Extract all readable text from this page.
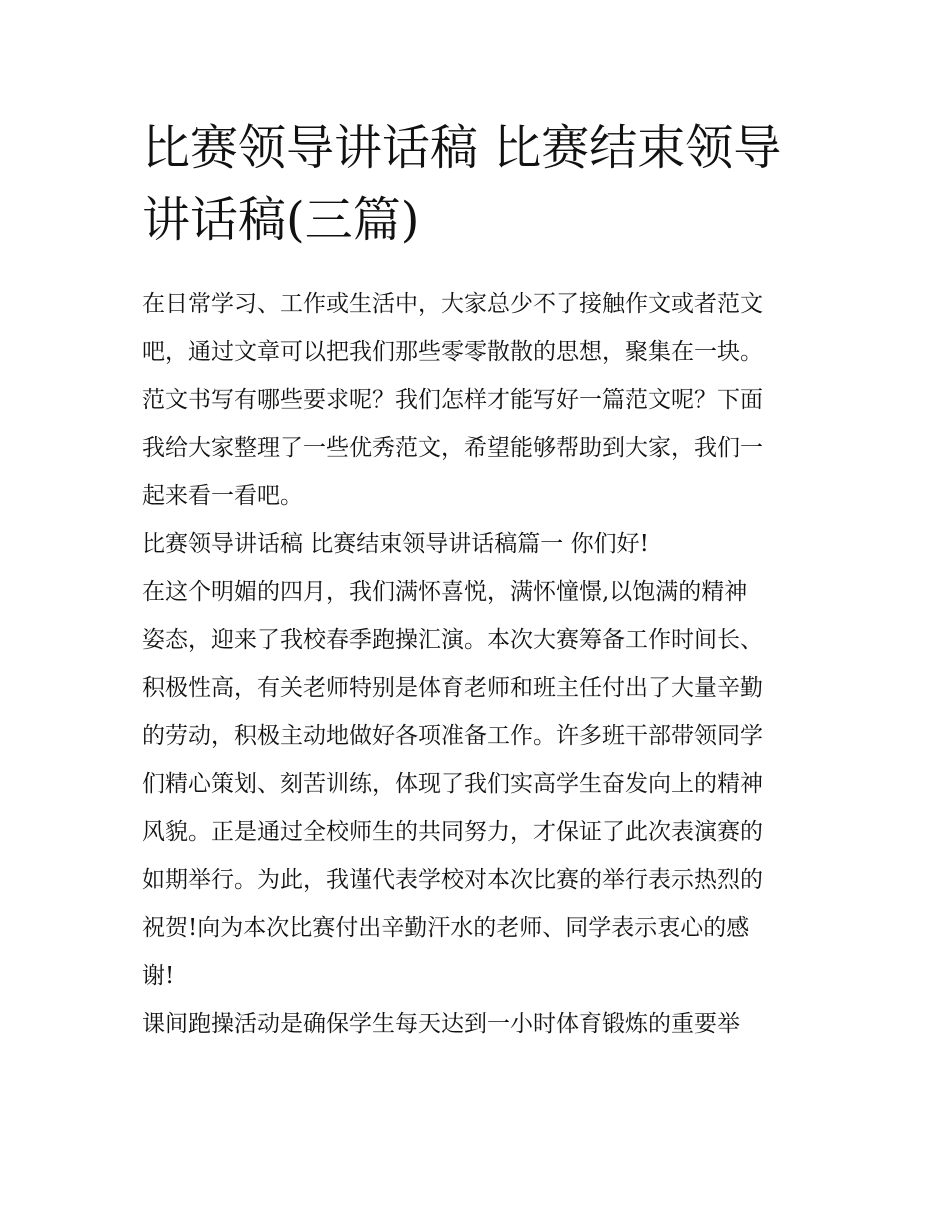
比赛领导讲话稿 比赛结束领导
讲话稿(三篇)

在日常学习、工作或生活中，大家总少不了接触作文或者范文
吧，通过文章可以把我们那些零零散散的思想，聚集在一块。
范文书写有哪些要求呢？我们怎样才能写好一篇范文呢？下面
我给大家整理了一些优秀范文，希望能够帮助到大家，我们一
起来看一看吧。

比赛领导讲话稿 比赛结束领导讲话稿篇一 你们好!

在这个明媚的四月，我们满怀喜悦，满怀憧憬,以饱满的精神
姿态，迎来了我校春季跑操汇演。本次大赛筹备工作时间长、
积极性高，有关老师特别是体育老师和班主任付出了大量辛勤
的劳动，积极主动地做好各项准备工作。许多班干部带领同学
们精心策划、刻苦训练，体现了我们实高学生奋发向上的精神
风貌。正是通过全校师生的共同努力，才保证了此次表演赛的
如期举行。为此，我谨代表学校对本次比赛的举行表示热烈的
祝贺!向为本次比赛付出辛勤汗水的老师、同学表示衷心的感
谢!

课间跑操活动是确保学生每天达到一小时体育锻炼的重要举
